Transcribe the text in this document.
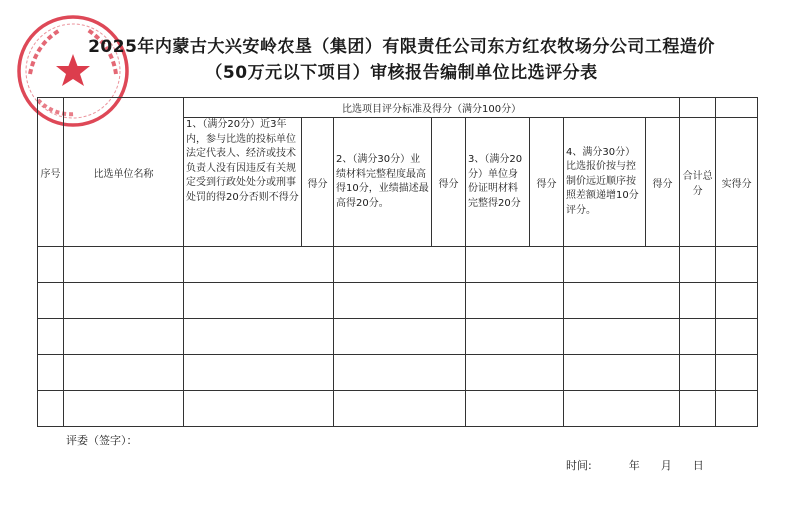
2025年内蒙古大兴安岭农垦（集团）有限责任公司东方红农牧场分公司工程造价
（50万元以下项目）审核报告编制单位比选评分表
序号	比选单位名称	比选项目评分标准及得分（满分100分）									
		1、（满分20分）近3年内，参与比选的投标单位法定代表人、经济或技术负责人没有因违反有关规定受到行政处处分或刑事处罚的得20分否则不得分	得分	2、（满分30分）业绩材料完整程度最高得10分，业绩描述最高得20分。	得分	3、（满分20分）单位身份证明材料完整得20分	得分	4、满分30分）比选报价按与控制价远近顺序按照差额递增10分评分。	得分	合计总分	实得分

评委（签字）：
时间:	年 月 日
